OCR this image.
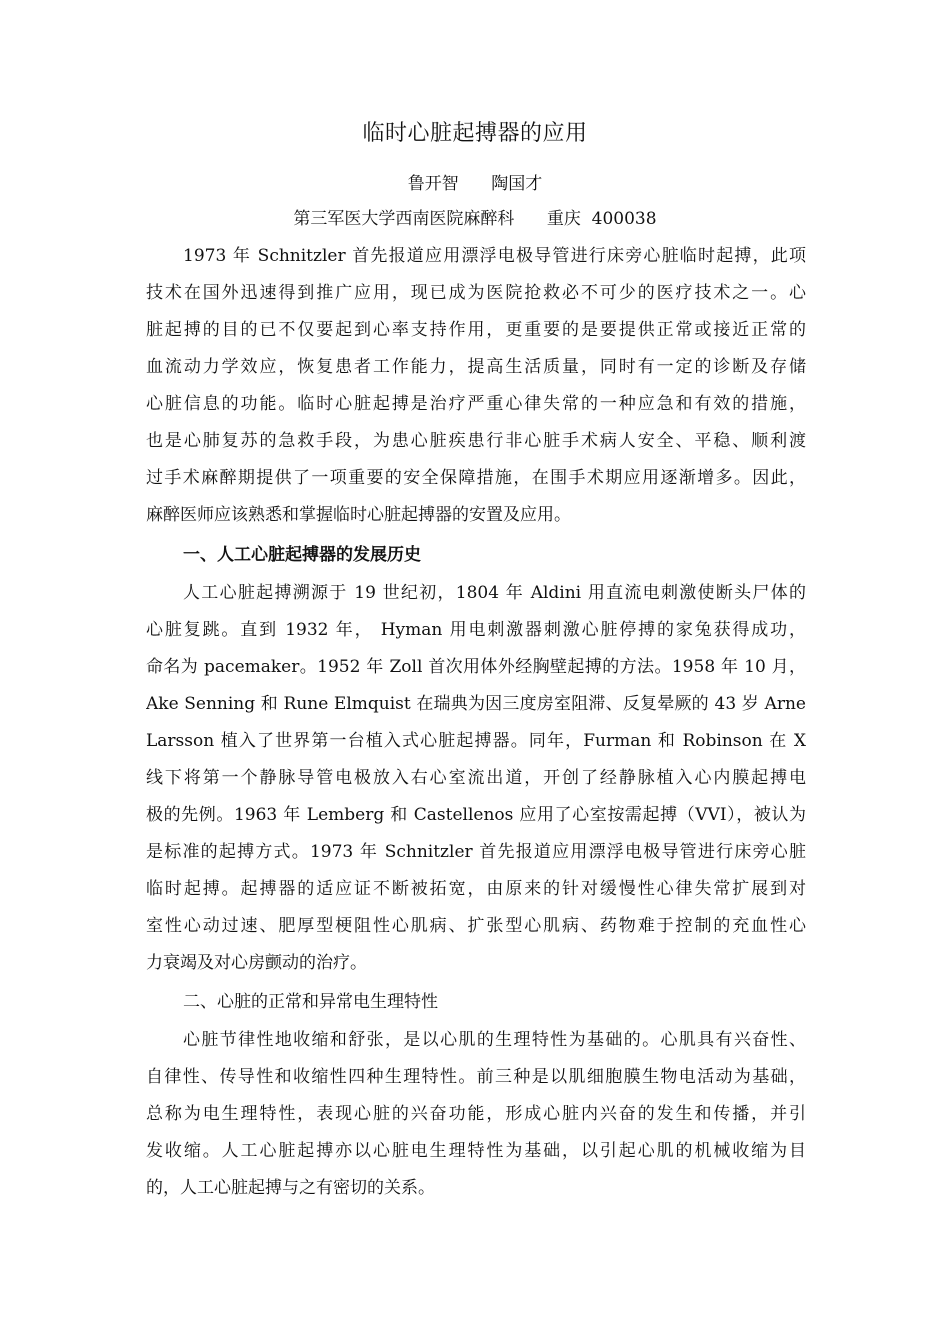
临时心脏起搏器的应用
鲁开智      陶国才
第三军医大学西南医院麻醉科      重庆  400038
1973 年 Schnitzler 首先报道应用漂浮电极导管进行床旁心脏临时起搏，此项
技术在国外迅速得到推广应用，现已成为医院抢救必不可少的医疗技术之一。心
脏起搏的目的已不仅要起到心率支持作用，更重要的是要提供正常或接近正常的
血流动力学效应，恢复患者工作能力，提高生活质量，同时有一定的诊断及存储
心脏信息的功能。临时心脏起搏是治疗严重心律失常的一种应急和有效的措施，
也是心肺复苏的急救手段，为患心脏疾患行非心脏手术病人安全、平稳、顺利渡
过手术麻醉期提供了一项重要的安全保障措施，在围手术期应用逐渐增多。因此，
麻醉医师应该熟悉和掌握临时心脏起搏器的安置及应用。
一、人工心脏起搏器的发展历史
人工心脏起搏溯源于 19 世纪初，1804 年 Aldini 用直流电刺激使断头尸体的
心脏复跳。直到 1932 年， Hyman 用电刺激器刺激心脏停搏的家兔获得成功，
命名为 pacemaker。1952 年 Zoll 首次用体外经胸壁起搏的方法。1958 年 10 月，
Ake Senning 和 Rune Elmquist 在瑞典为因三度房室阻滞、反复晕厥的 43 岁 Arne
Larsson 植入了世界第一台植入式心脏起搏器。同年，Furman 和 Robinson 在 X
线下将第一个静脉导管电极放入右心室流出道，开创了经静脉植入心内膜起搏电
极的先例。1963 年 Lemberg 和 Castellenos 应用了心室按需起搏（VVI），被认为
是标准的起搏方式。1973 年 Schnitzler 首先报道应用漂浮电极导管进行床旁心脏
临时起搏。起搏器的适应证不断被拓宽，由原来的针对缓慢性心律失常扩展到对
室性心动过速、肥厚型梗阻性心肌病、扩张型心肌病、药物难于控制的充血性心
力衰竭及对心房颤动的治疗。
二、心脏的正常和异常电生理特性
心脏节律性地收缩和舒张，是以心肌的生理特性为基础的。心肌具有兴奋性、
自律性、传导性和收缩性四种生理特性。前三种是以肌细胞膜生物电活动为基础，
总称为电生理特性，表现心脏的兴奋功能，形成心脏内兴奋的发生和传播，并引
发收缩。人工心脏起搏亦以心脏电生理特性为基础，以引起心肌的机械收缩为目
的，人工心脏起搏与之有密切的关系。
